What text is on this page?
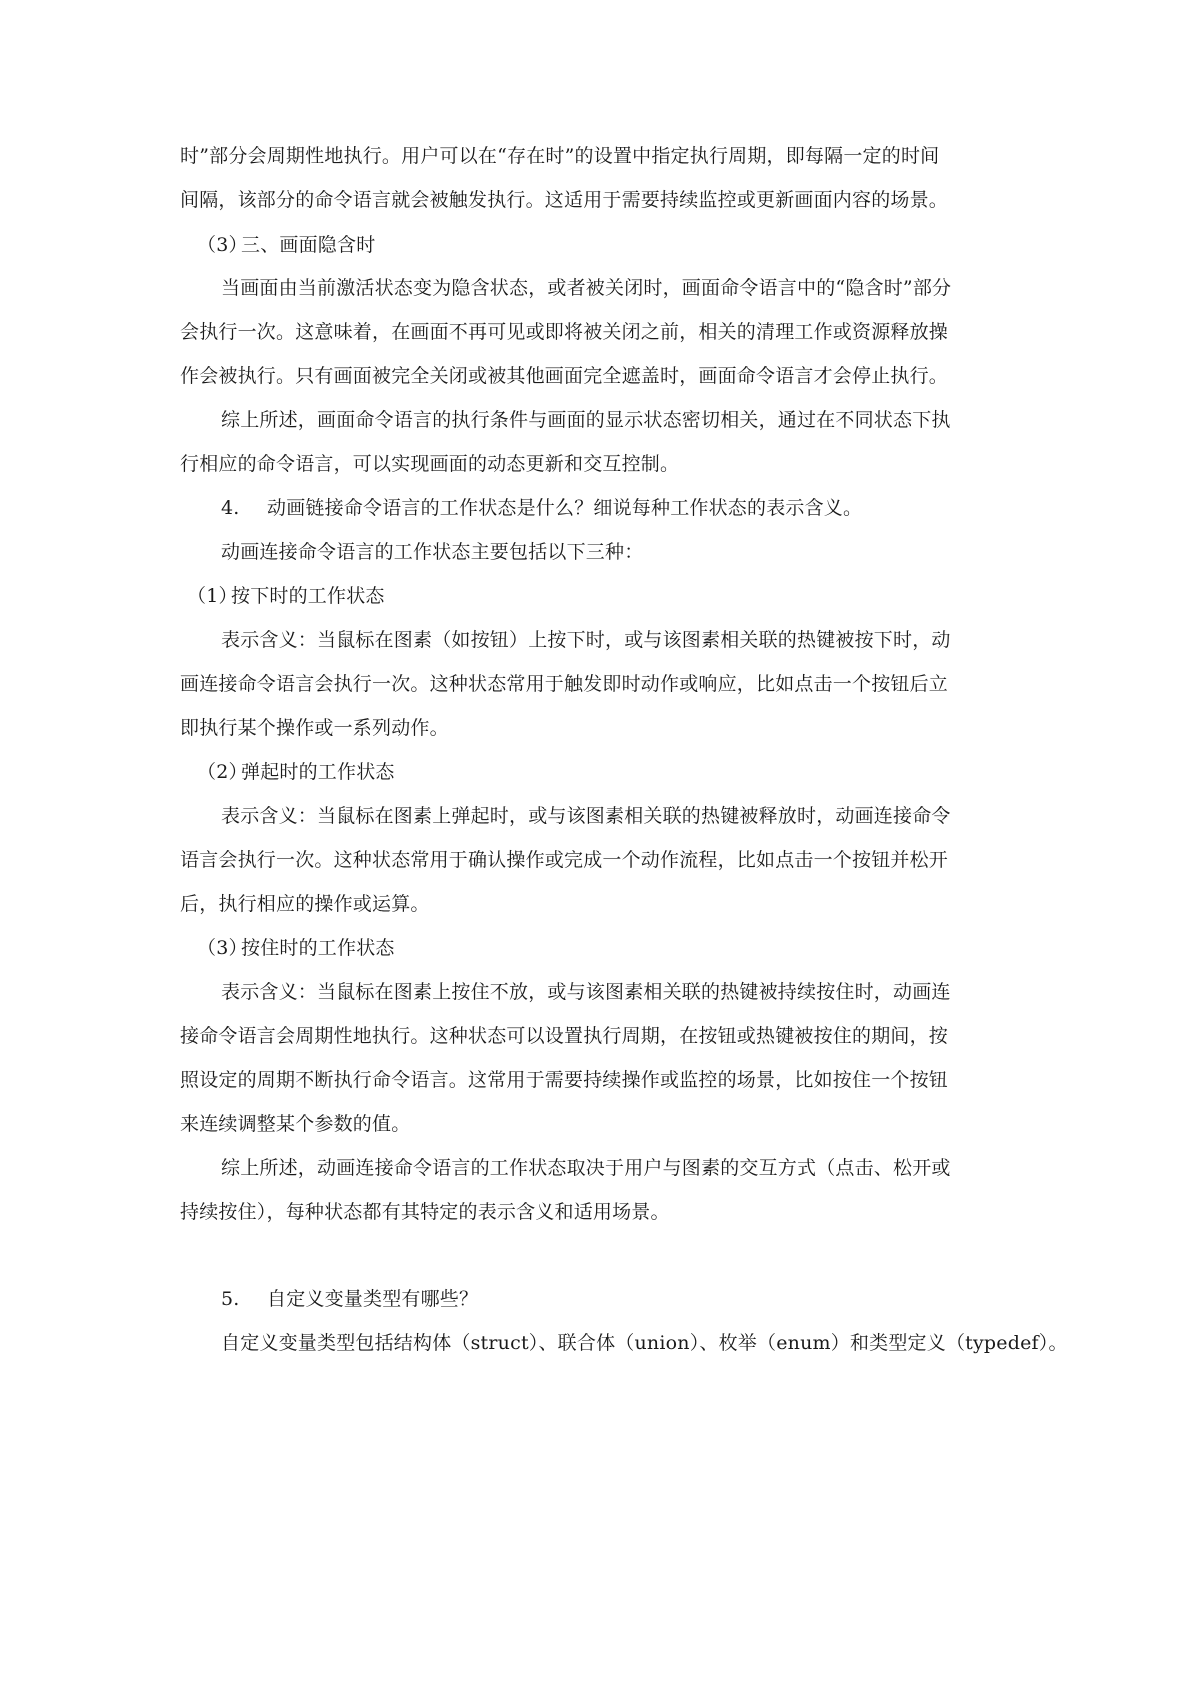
时”部分会周期性地执行。用户可以在“存在时”的设置中指定执行周期，即每隔一定的时间
间隔，该部分的命令语言就会被触发执行。这适用于需要持续监控或更新画面内容的场景。
（3）三、画面隐含时
当画面由当前激活状态变为隐含状态，或者被关闭时，画面命令语言中的“隐含时”部分
会执行一次。这意味着，在画面不再可见或即将被关闭之前，相关的清理工作或资源释放操
作会被执行。只有画面被完全关闭或被其他画面完全遮盖时，画面命令语言才会停止执行。
综上所述，画面命令语言的执行条件与画面的显示状态密切相关，通过在不同状态下执
行相应的命令语言，可以实现画面的动态更新和交互控制。
4. 动画链接命令语言的工作状态是什么？细说每种工作状态的表示含义。
动画连接命令语言的工作状态主要包括以下三种：
（1）按下时的工作状态
表示含义：当鼠标在图素（如按钮）上按下时，或与该图素相关联的热键被按下时，动
画连接命令语言会执行一次。这种状态常用于触发即时动作或响应，比如点击一个按钮后立
即执行某个操作或一系列动作。
（2）弹起时的工作状态
表示含义：当鼠标在图素上弹起时，或与该图素相关联的热键被释放时，动画连接命令
语言会执行一次。这种状态常用于确认操作或完成一个动作流程，比如点击一个按钮并松开
后，执行相应的操作或运算。
（3）按住时的工作状态
表示含义：当鼠标在图素上按住不放，或与该图素相关联的热键被持续按住时，动画连
接命令语言会周期性地执行。这种状态可以设置执行周期，在按钮或热键被按住的期间，按
照设定的周期不断执行命令语言。这常用于需要持续操作或监控的场景，比如按住一个按钮
来连续调整某个参数的值。
综上所述，动画连接命令语言的工作状态取决于用户与图素的交互方式（点击、松开或
持续按住），每种状态都有其特定的表示含义和适用场景。
5. 自定义变量类型有哪些？
自定义变量类型包括结构体（struct）、联合体（union）、枚举（enum）和类型定义（typedef）。
